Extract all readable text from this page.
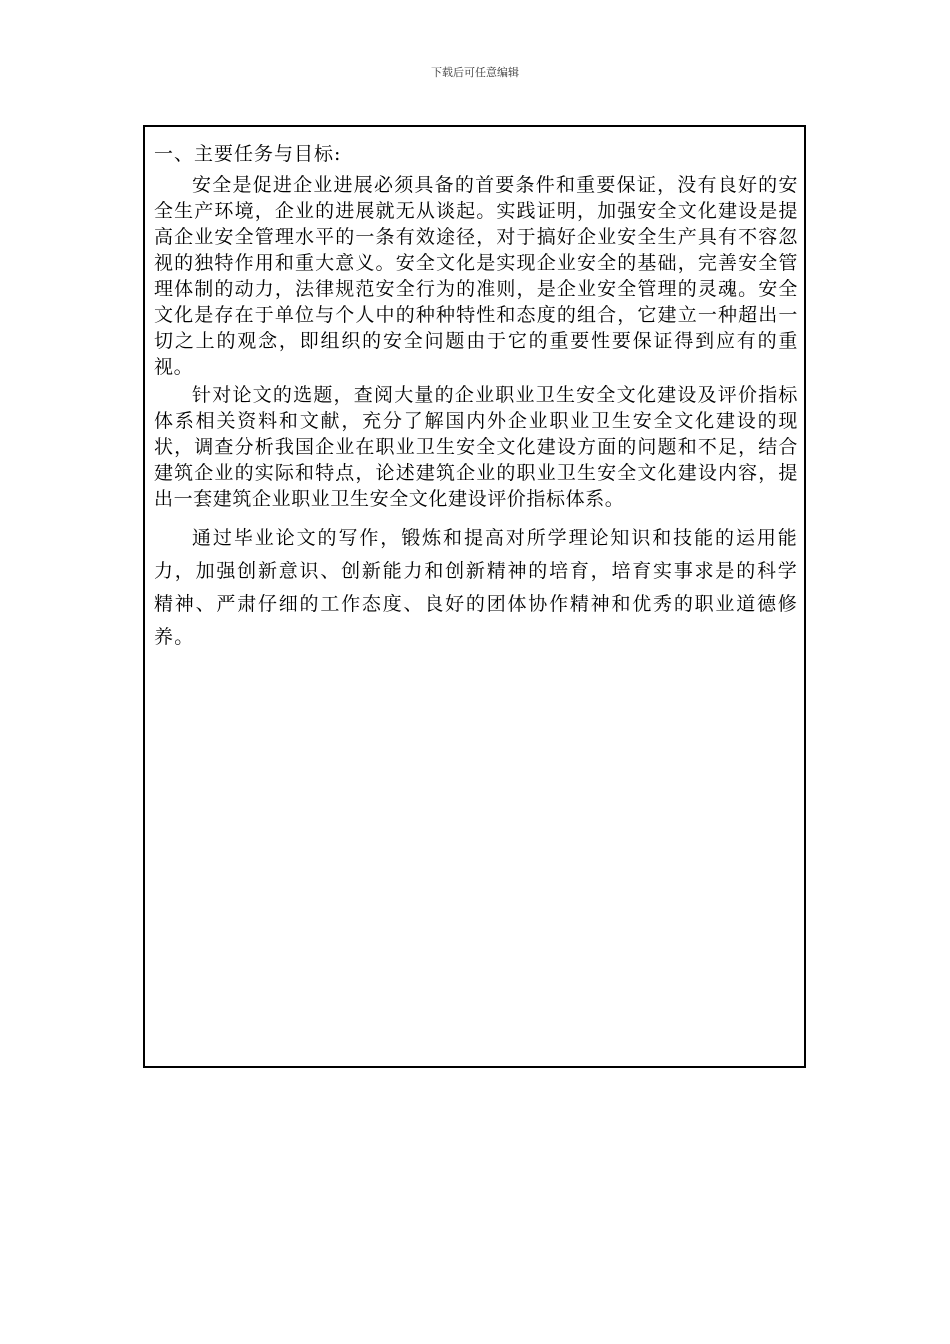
下载后可任意编辑

一、主要任务与目标:

安全是促进企业进展必须具备的首要条件和重要保证，没有良好的安全生产环境，企业的进展就无从谈起。实践证明，加强安全文化建设是提高企业安全管理水平的一条有效途径，对于搞好企业安全生产具有不容忽视的独特作用和重大意义。安全文化是实现企业安全的基础，完善安全管理体制的动力，法律规范安全行为的准则，是企业安全管理的灵魂。安全文化是存在于单位与个人中的种种特性和态度的组合，它建立一种超出一切之上的观念，即组织的安全问题由于它的重要性要保证得到应有的重视。

针对论文的选题，查阅大量的企业职业卫生安全文化建设及评价指标体系相关资料和文献，充分了解国内外企业职业卫生安全文化建设的现状，调查分析我国企业在职业卫生安全文化建设方面的问题和不足，结合建筑企业的实际和特点，论述建筑企业的职业卫生安全文化建设内容，提出一套建筑企业职业卫生安全文化建设评价指标体系。

通过毕业论文的写作，锻炼和提高对所学理论知识和技能的运用能力，加强创新意识、创新能力和创新精神的培育，培育实事求是的科学精神、严肃仔细的工作态度、良好的团体协作精神和优秀的职业道德修养。
